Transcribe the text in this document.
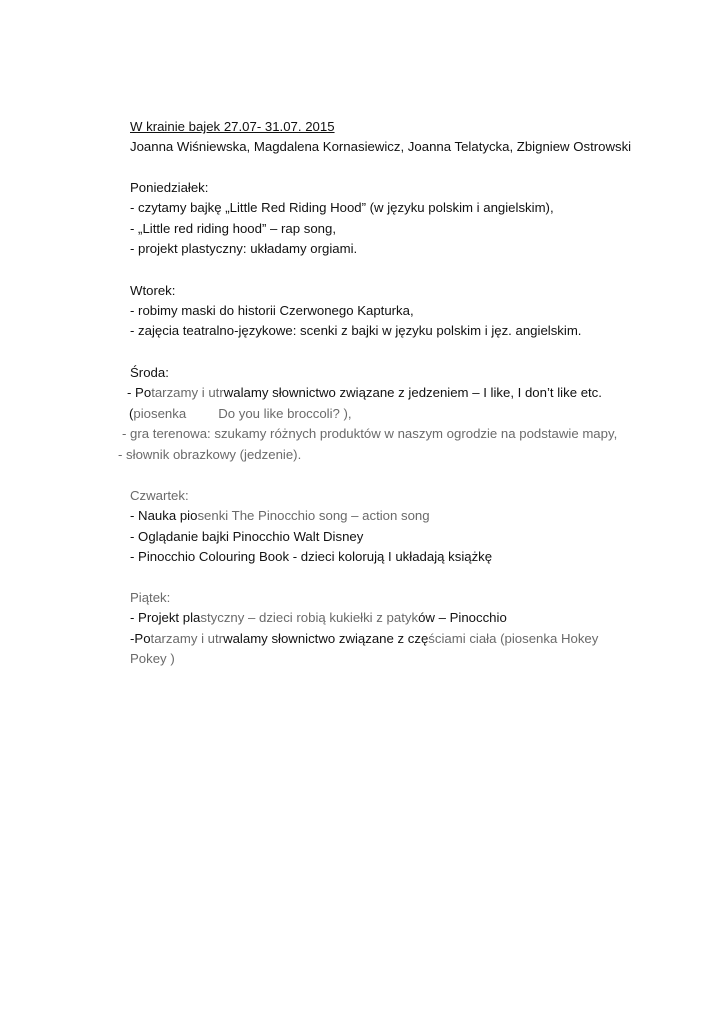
W krainie bajek 27.07- 31.07. 2015
Joanna Wiśniewska, Magdalena Kornasiewicz, Joanna Telatycka, Zbigniew Ostrowski
Poniedziałek:
- czytamy bajkę „Little Red Riding Hood” (w języku polskim i angielskim),
- „Little red riding hood” – rap song,
- projekt plastyczny: układamy orgiami.
Wtorek:
- robimy maski do historii Czerwonego Kapturka,
- zajęcia teatralno-językowe: scenki z bajki w języku polskim i jęz. angielskim.
Środa:
- Potarzamy i utrwalamy słownictwo związane z jedzeniem – I like, I don’t like etc.
(piosenka Do you like broccoli? ),
- gra terenowa: szukamy różnych produktów w naszym ogrodzie na podstawie mapy,
- słownik obrazkowy (jedzenie).
Czwartek:
- Nauka piosenki The Pinocchio song – action song
- Oglądanie bajki Pinocchio Walt Disney
- Pinocchio Colouring Book - dzieci kolorują I układają książkę
Piątek:
- Projekt plastyczny – dzieci robią kukiełki z patyków – Pinocchio
-Potarzamy i utrwalamy słownictwo związane z częściami ciała (piosenka Hokey
Pokey )
